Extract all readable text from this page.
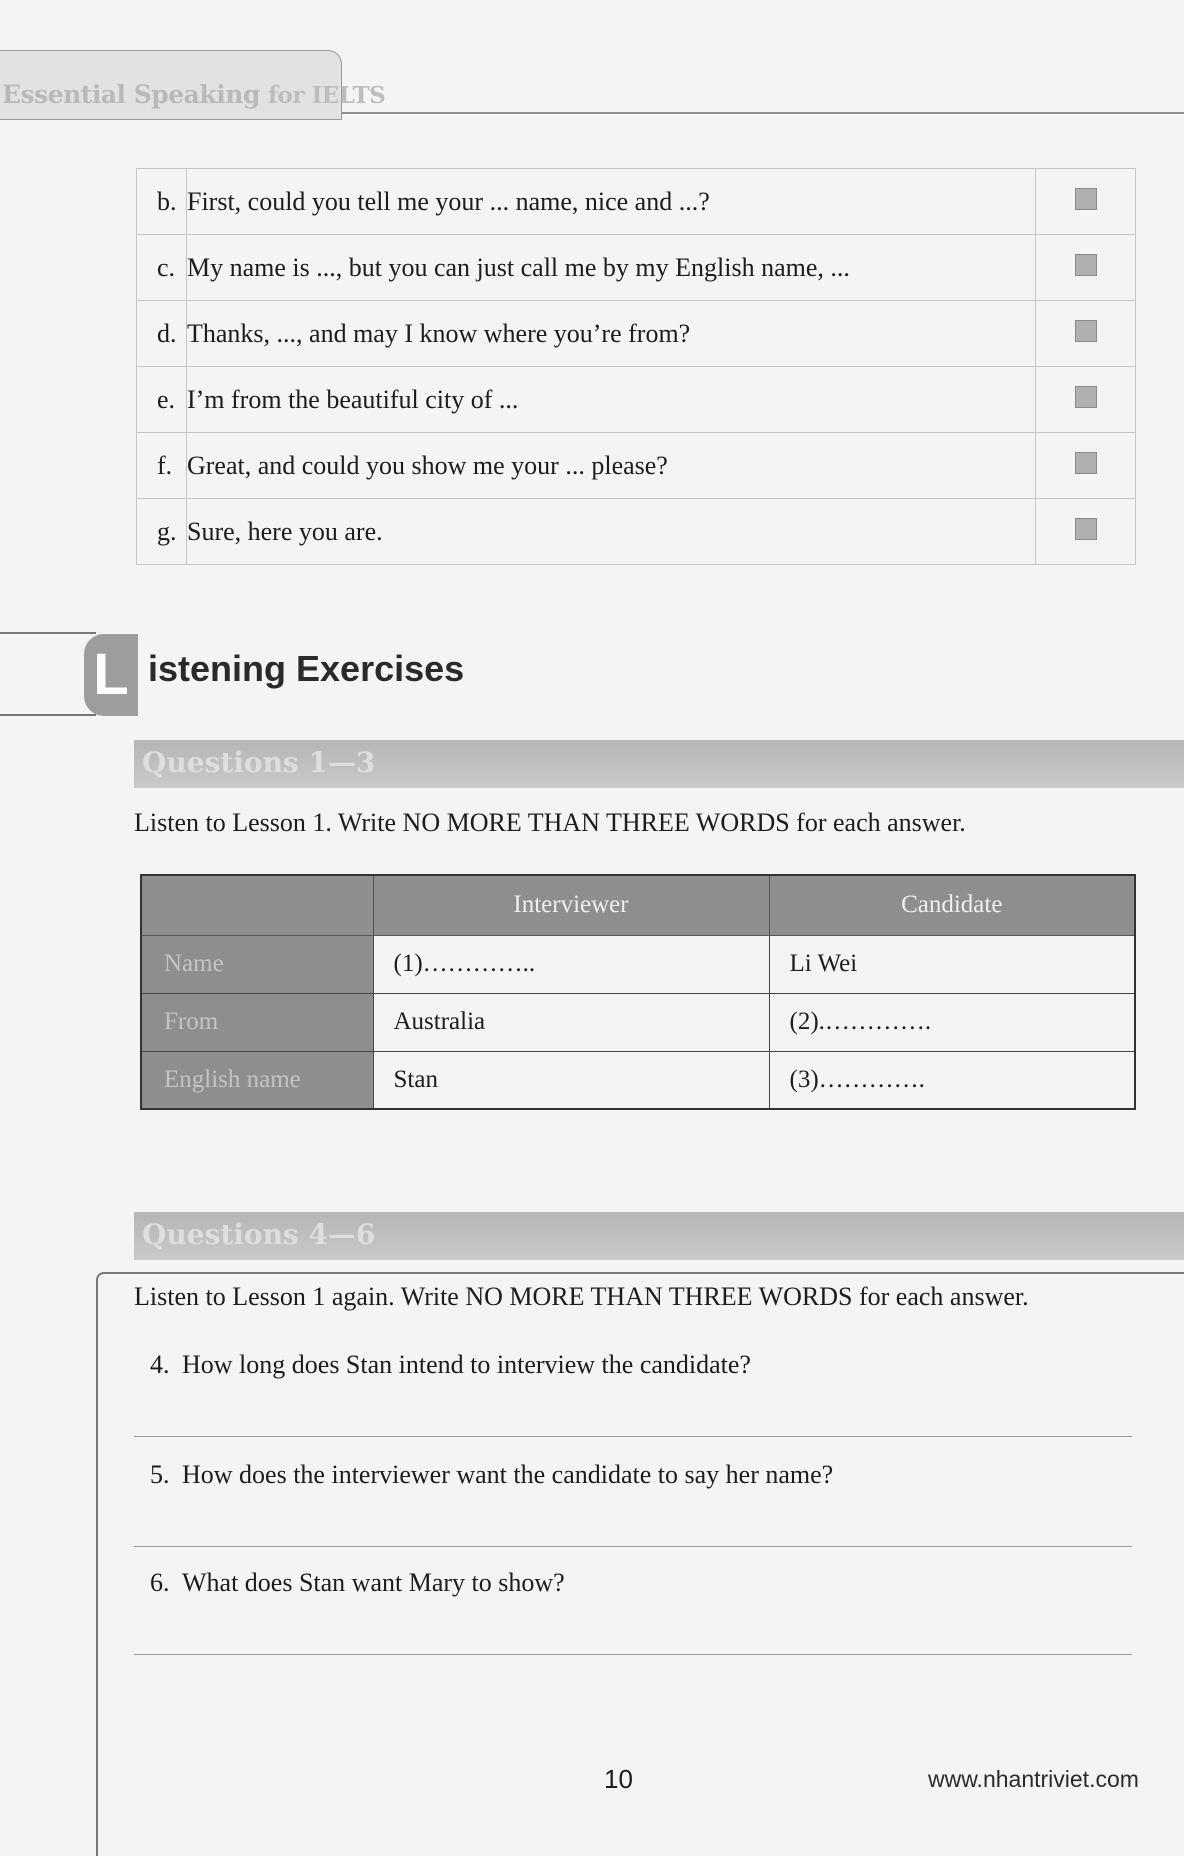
Essential Speaking for IELTS
b.	First, could you tell me your ... name, nice and ...?	
c.	My name is ..., but you can just call me by my English name, ...	
d.	Thanks, ..., and may I know where you’re from?	
e.	I’m from the beautiful city of ...	
f.	Great, and could you show me your ... please?	
g.	Sure, here you are.	
L istening Exercises
Questions 1—3
Listen to Lesson 1. Write NO MORE THAN THREE WORDS for each answer.
	Interviewer	Candidate
Name	(1)…………..	Li Wei
From	Australia	(2).………….
English name	Stan	(3)………….
Questions 4—6
Listen to Lesson 1 again. Write NO MORE THAN THREE WORDS for each answer.
4. How long does Stan intend to interview the candidate?
5. How does the interviewer want the candidate to say her name?
6. What does Stan want Mary to show?
10	www.nhantriviet.com
